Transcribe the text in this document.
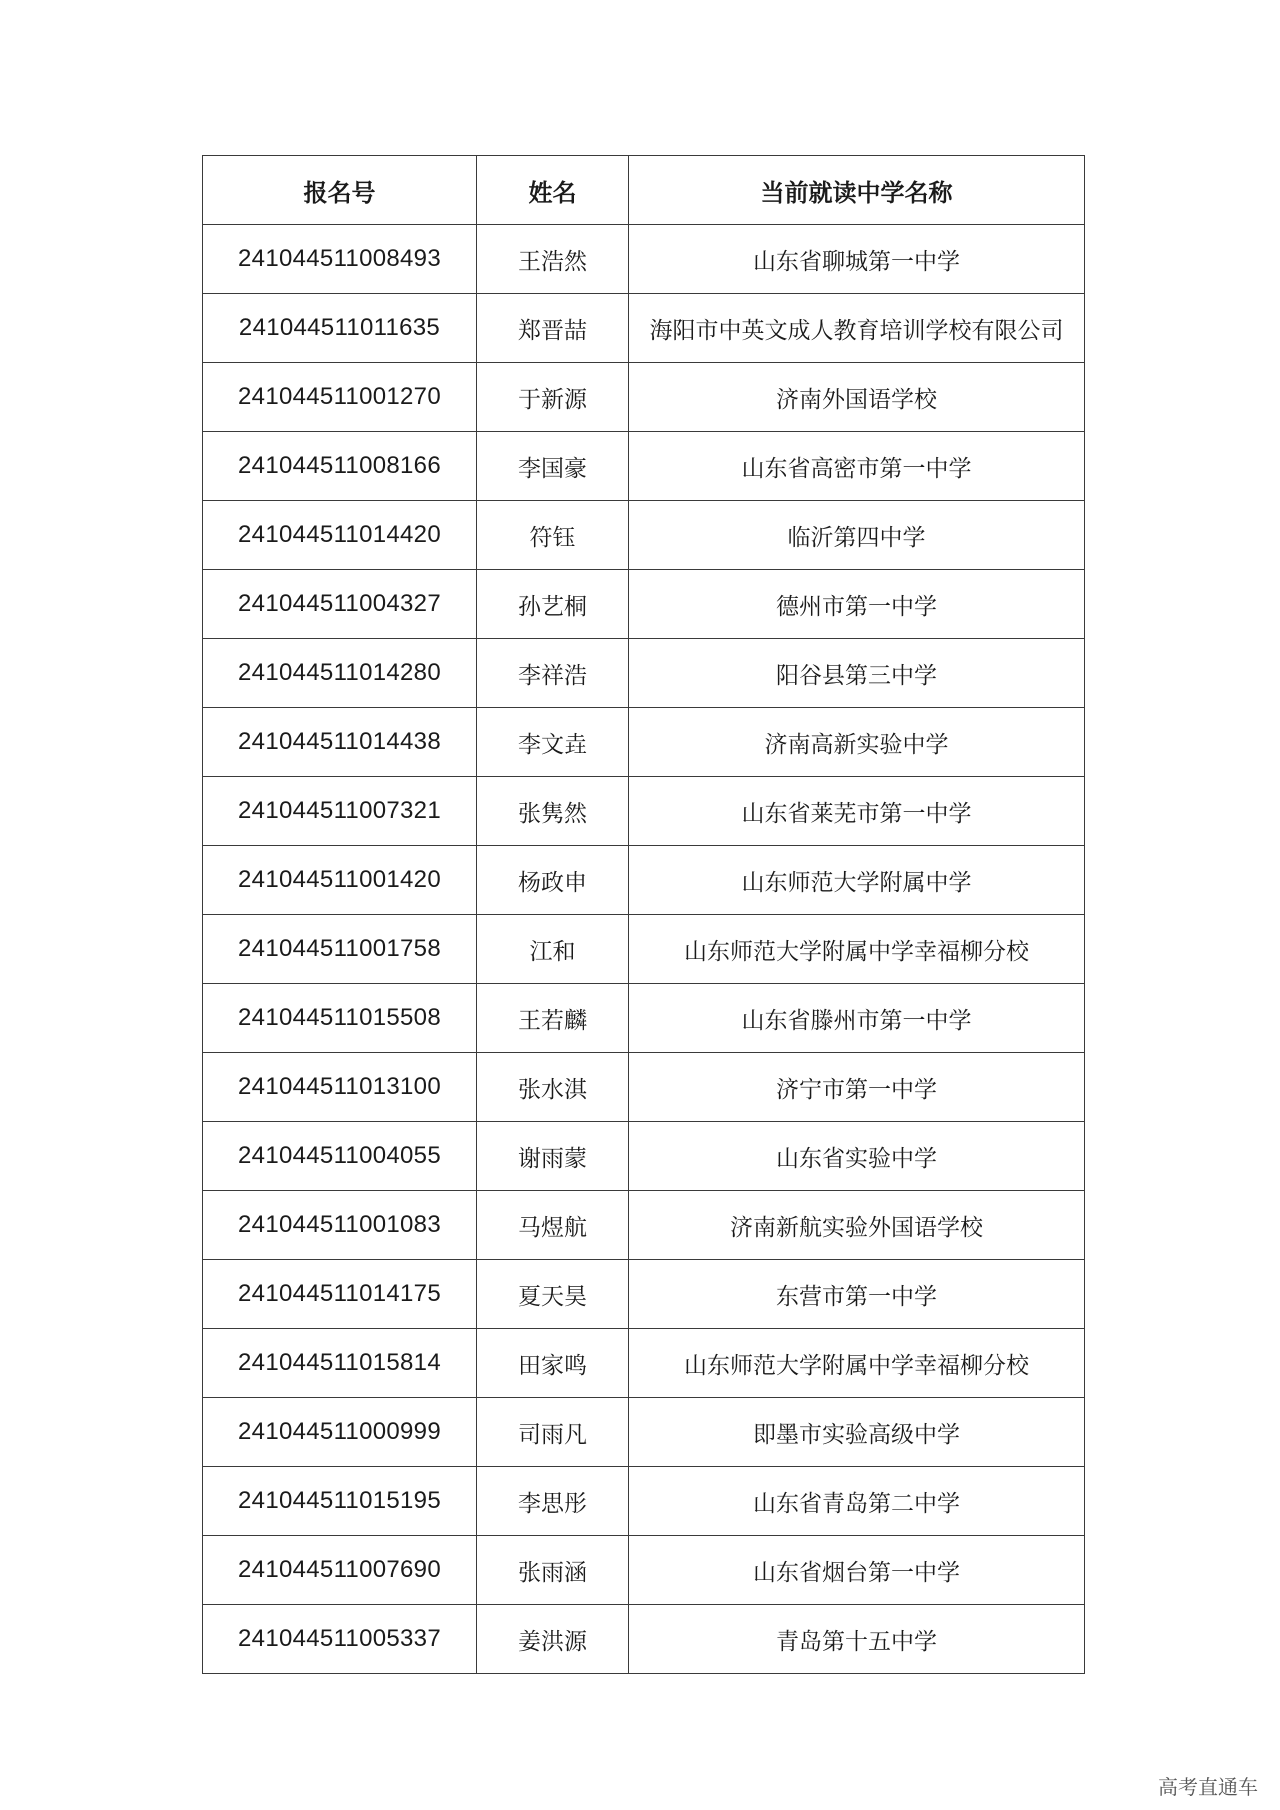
报名号	姓名	当前就读中学名称
241044511008493	王浩然	山东省聊城第一中学
241044511011635	郑晋喆	海阳市中英文成人教育培训学校有限公司
241044511001270	于新源	济南外国语学校
241044511008166	李国豪	山东省高密市第一中学
241044511014420	符钰	临沂第四中学
241044511004327	孙艺桐	德州市第一中学
241044511014280	李祥浩	阳谷县第三中学
241044511014438	李文垚	济南高新实验中学
241044511007321	张隽然	山东省莱芜市第一中学
241044511001420	杨政申	山东师范大学附属中学
241044511001758	江和	山东师范大学附属中学幸福柳分校
241044511015508	王若麟	山东省滕州市第一中学
241044511013100	张水淇	济宁市第一中学
241044511004055	谢雨蒙	山东省实验中学
241044511001083	马煜航	济南新航实验外国语学校
241044511014175	夏天昊	东营市第一中学
241044511015814	田家鸣	山东师范大学附属中学幸福柳分校
241044511000999	司雨凡	即墨市实验高级中学
241044511015195	李思彤	山东省青岛第二中学
241044511007690	张雨涵	山东省烟台第一中学
241044511005337	姜洪源	青岛第十五中学
高考直通车
